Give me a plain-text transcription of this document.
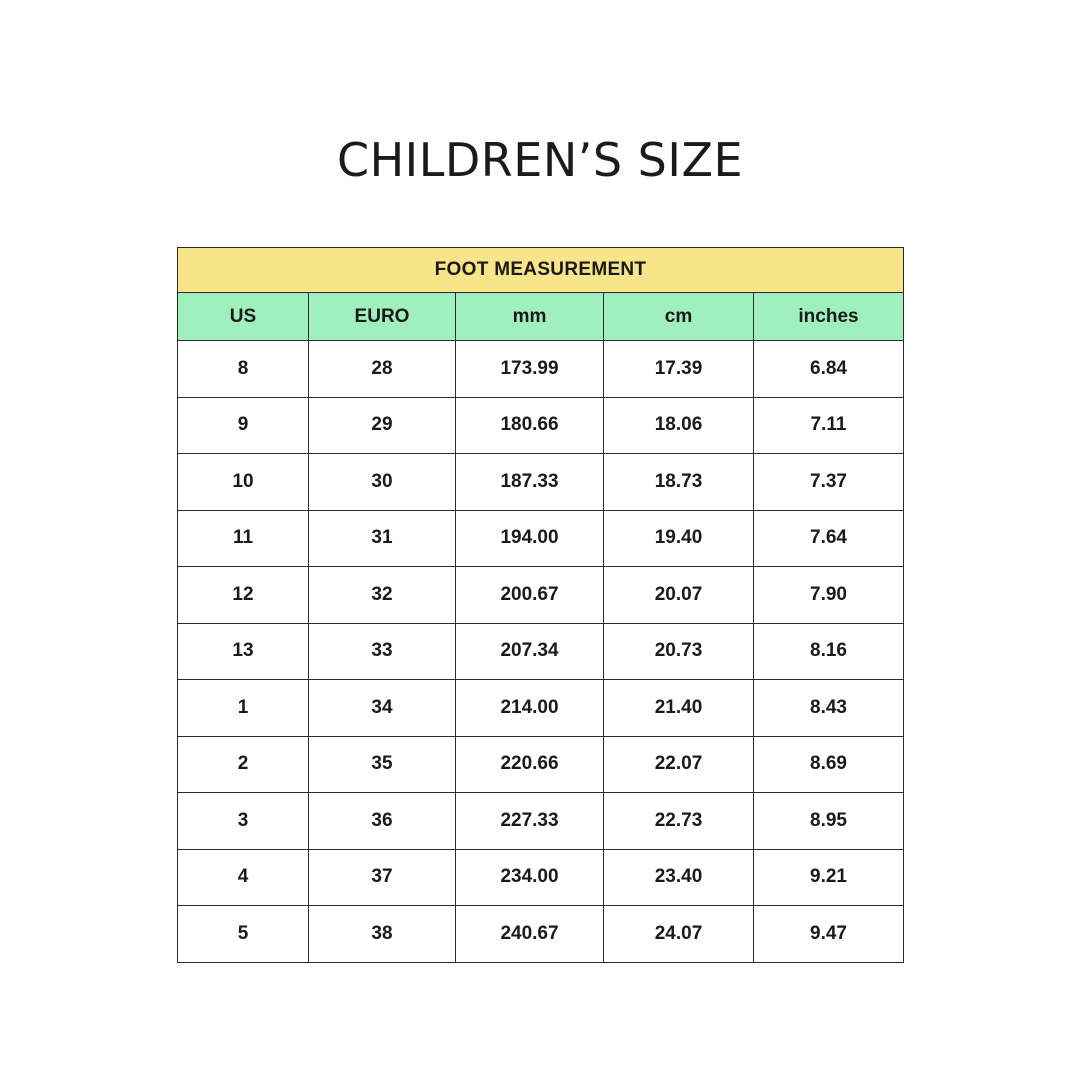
CHILDREN’S SIZE
FOOT MEASUREMENT				
US	EURO	mm	cm	inches
8	28	173.99	17.39	6.84
9	29	180.66	18.06	7.11
10	30	187.33	18.73	7.37
11	31	194.00	19.40	7.64
12	32	200.67	20.07	7.90
13	33	207.34	20.73	8.16
1	34	214.00	21.40	8.43
2	35	220.66	22.07	8.69
3	36	227.33	22.73	8.95
4	37	234.00	23.40	9.21
5	38	240.67	24.07	9.47
